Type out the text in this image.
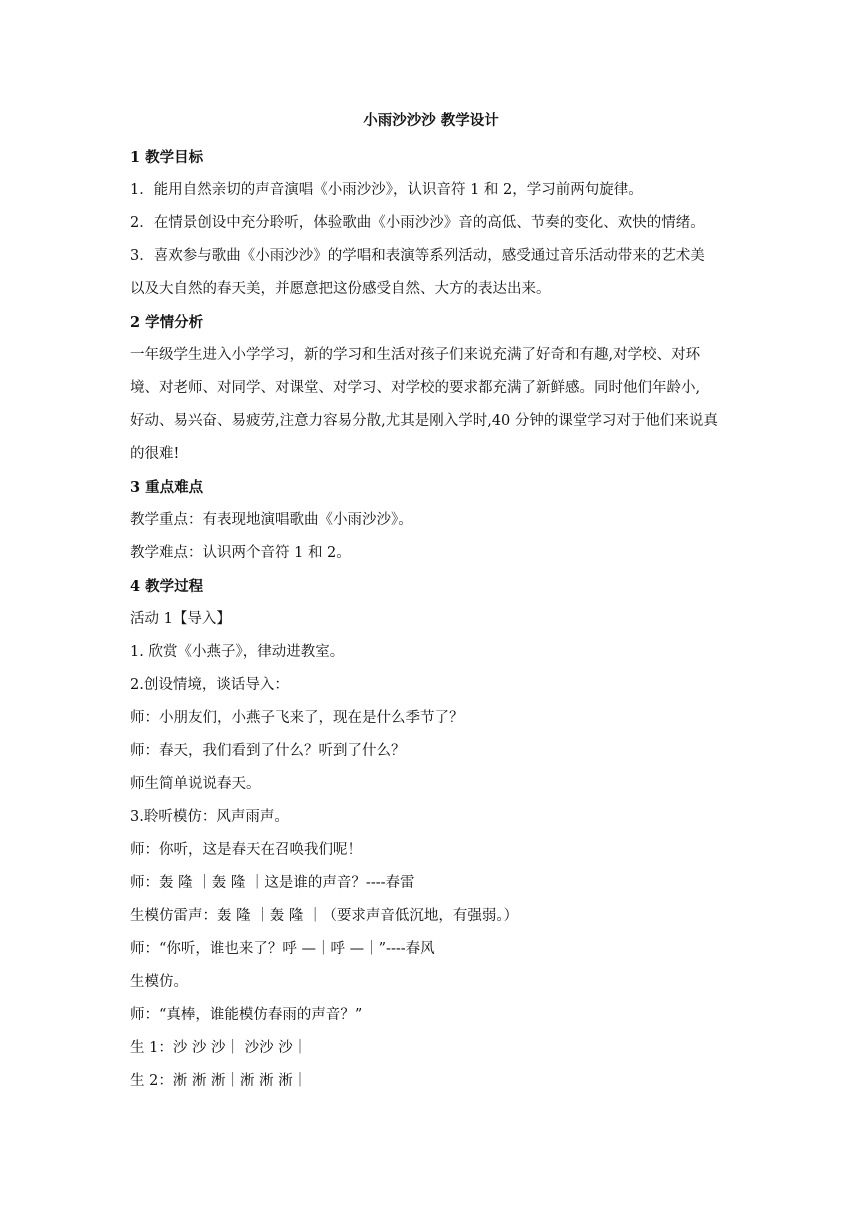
小雨沙沙沙 教学设计
1 教学目标
1．能用自然亲切的声音演唱《小雨沙沙》，认识音符 1 和 2，学习前两句旋律。
2．在情景创设中充分聆听，体验歌曲《小雨沙沙》音的高低、节奏的变化、欢快的情绪。
3．喜欢参与歌曲《小雨沙沙》的学唱和表演等系列活动，感受通过音乐活动带来的艺术美
以及大自然的春天美，并愿意把这份感受自然、大方的表达出来。
2 学情分析
一年级学生进入小学学习，新的学习和生活对孩子们来说充满了好奇和有趣,对学校、对环
境、对老师、对同学、对课堂、对学习、对学校的要求都充满了新鲜感。同时他们年龄小,
好动、易兴奋、易疲劳,注意力容易分散,尤其是刚入学时,40 分钟的课堂学习对于他们来说真
的很难!
3 重点难点
教学重点：有表现地演唱歌曲《小雨沙沙》。
教学难点：认识两个音符 1 和 2。
4 教学过程
活动 1【导入】
1. 欣赏《小燕子》，律动进教室。
2.创设情境，谈话导入：
师：小朋友们，小燕子飞来了，现在是什么季节了？
师：春天，我们看到了什么？听到了什么？
师生简单说说春天。
3.聆听模仿：风声雨声。
师：你听，这是春天在召唤我们呢！
师：轰 隆 ｜轰 隆 ｜这是谁的声音？----春雷
生模仿雷声：轰 隆 ｜轰 隆 ｜（要求声音低沉地，有强弱。）
师：“你听，谁也来了？呼 —｜呼 —｜”----春风
生模仿。
师：“真棒，谁能模仿春雨的声音？”
生 1：沙 沙 沙｜ 沙沙 沙｜
生 2：淅 淅 淅｜淅 淅 淅｜
